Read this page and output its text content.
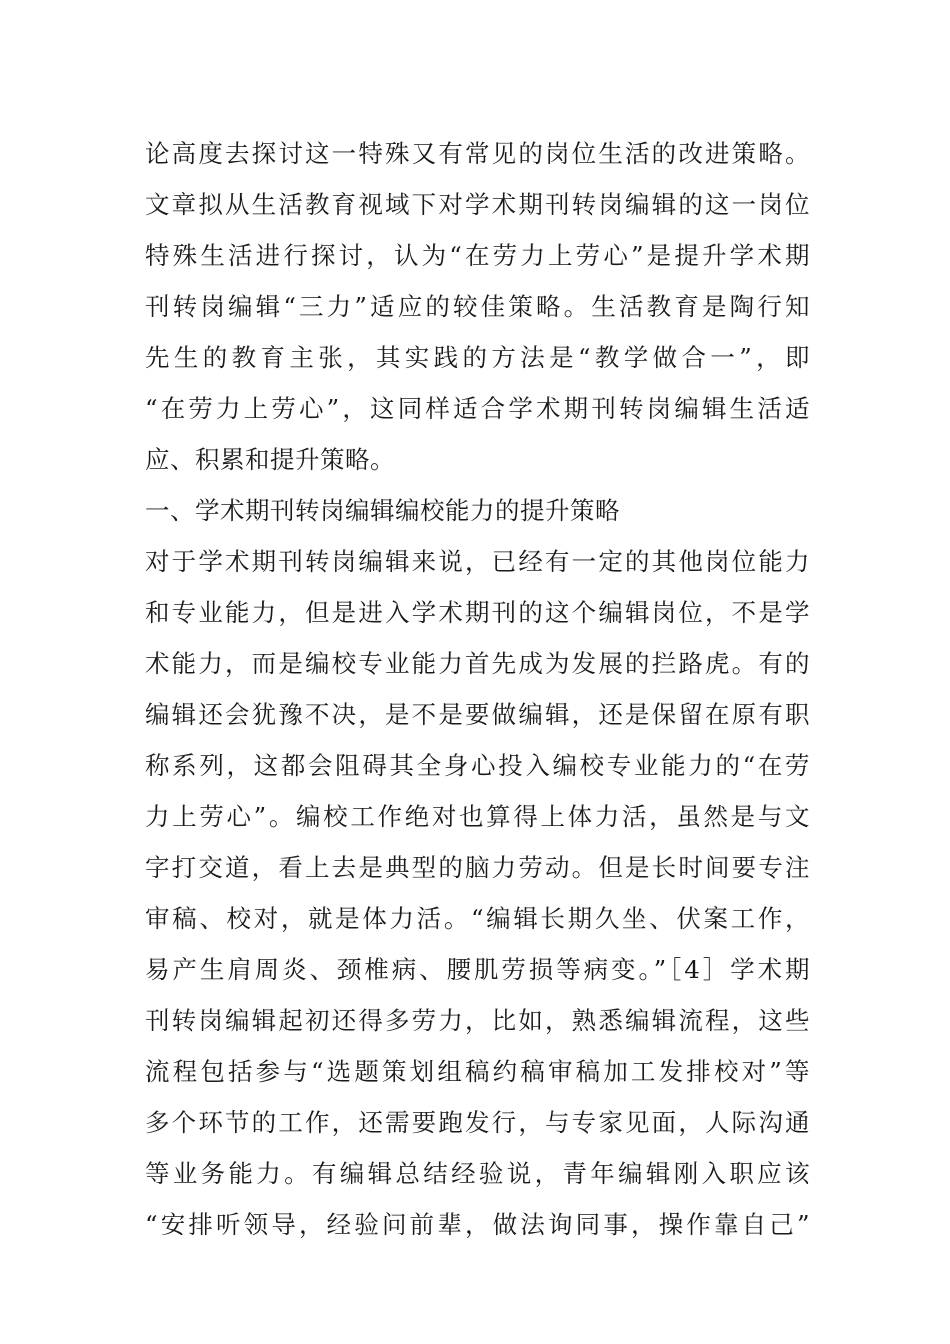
论高度去探讨这一特殊又有常见的岗位生活的改进策略。
文章拟从生活教育视域下对学术期刊转岗编辑的这一岗位
特殊生活进行探讨，认为“在劳力上劳心”是提升学术期
刊转岗编辑“三力”适应的较佳策略。生活教育是陶行知
先生的教育主张，其实践的方法是“教学做合一”，即
“在劳力上劳心”，这同样适合学术期刊转岗编辑生活适
应、积累和提升策略。
一、学术期刊转岗编辑编校能力的提升策略
对于学术期刊转岗编辑来说，已经有一定的其他岗位能力
和专业能力，但是进入学术期刊的这个编辑岗位，不是学
术能力，而是编校专业能力首先成为发展的拦路虎。有的
编辑还会犹豫不决，是不是要做编辑，还是保留在原有职
称系列，这都会阻碍其全身心投入编校专业能力的“在劳
力上劳心”。编校工作绝对也算得上体力活，虽然是与文
字打交道，看上去是典型的脑力劳动。但是长时间要专注
审稿、校对，就是体力活。“编辑长期久坐、伏案工作，
易产生肩周炎、颈椎病、腰肌劳损等病变。”［4］学术期
刊转岗编辑起初还得多劳力，比如，熟悉编辑流程，这些
流程包括参与“选题策划组稿约稿审稿加工发排校对”等
多个环节的工作，还需要跑发行，与专家见面，人际沟通
等业务能力。有编辑总结经验说，青年编辑刚入职应该
“安排听领导，经验问前辈，做法询同事，操作靠自己”
